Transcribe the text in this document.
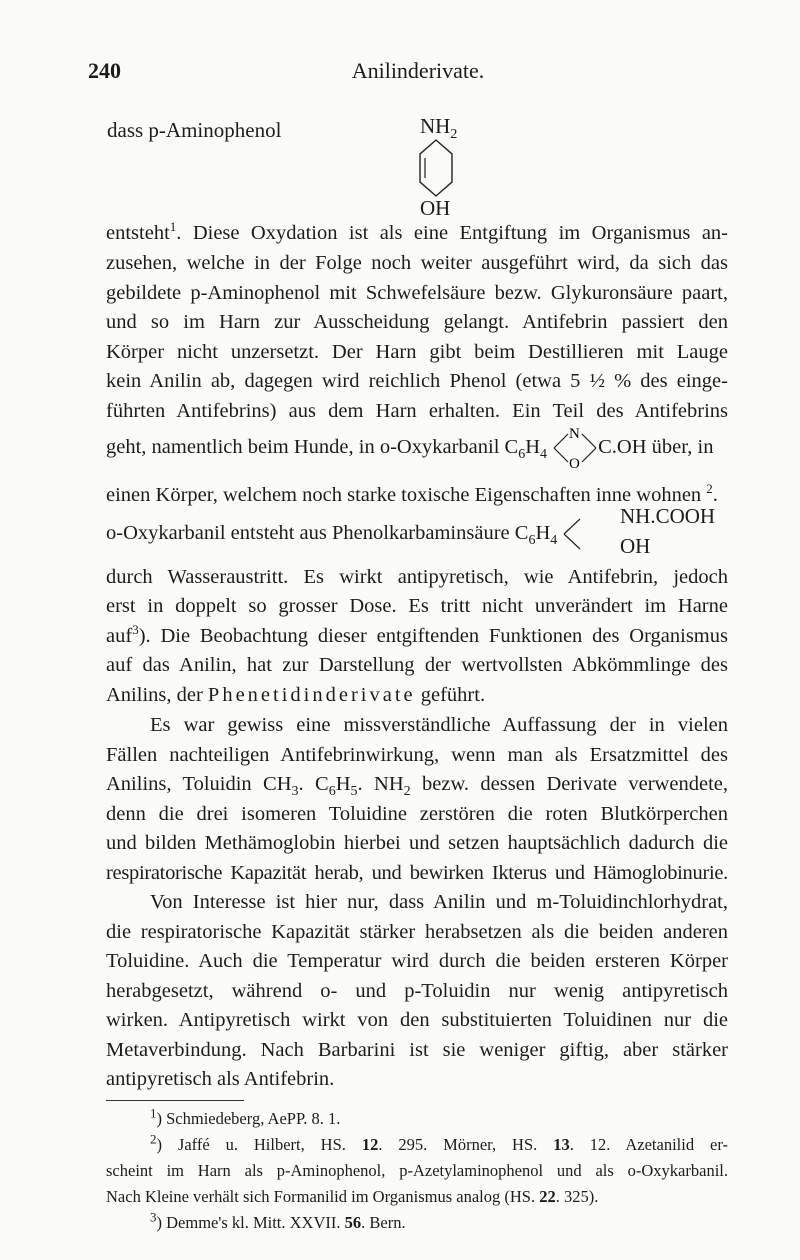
240	Anilinderivate.
dass p-Aminophenol	$NH_2$
OH
entsteht$^1$. Diese Oxydation ist als eine Entgiftung im Organismus an-
zusehen, welche in der Folge noch weiter ausgeführt wird, da sich das
gebildete p-Aminophenol mit Schwefelsäure bezw. Glykuronsäure paart,
und so im Harn zur Ausscheidung gelangt. Antifebrin passiert den
Körper nicht unzersetzt. Der Harn gibt beim Destillieren mit Lauge
kein Anilin ab, dagegen wird reichlich Phenol (etwa 5 ½ % des einge-
führten Antifebrins) aus dem Harn erhalten. Ein Teil des Antifebrins
geht, namentlich beim Hunde, in o-Oxykarbanil $C_6H_4$
N
O
C.OH über, in
einen Körper, welchem noch starke toxische Eigenschaften inne wohnen $^2$.
o-Oxykarbanil entsteht aus Phenolkarbaminsäure $C_6H_4$
NH.COOH
OH
durch Wasseraustritt. Es wirkt antipyretisch, wie Antifebrin, jedoch
erst in doppelt so grosser Dose. Es tritt nicht unverändert im Harne
auf$^3$). Die Beobachtung dieser entgiftenden Funktionen des Organismus
auf das Anilin, hat zur Darstellung der wertvollsten Abkömmlinge des
Anilins, der Phenetidinderivate geführt.
Es war gewiss eine missverständliche Auffassung der in vielen
Fällen nachteiligen Antifebrinwirkung, wenn man als Ersatzmittel des
Anilins, Toluidin $CH_3$. $C_6H_5$. $NH_2$ bezw. dessen Derivate verwendete,
denn die drei isomeren Toluidine zerstören die roten Blutkörperchen
und bilden Methämoglobin hierbei und setzen hauptsächlich dadurch die
respiratorische Kapazität herab, und bewirken Ikterus und Hämoglobinurie.
Von Interesse ist hier nur, dass Anilin und m-Toluidinchlorhydrat,
die respiratorische Kapazität stärker herabsetzen als die beiden anderen
Toluidine. Auch die Temperatur wird durch die beiden ersteren Körper
herabgesetzt, während o- und p-Toluidin nur wenig antipyretisch
wirken. Antipyretisch wirkt von den substituierten Toluidinen nur die
Metaverbindung. Nach Barbarini ist sie weniger giftig, aber stärker
antipyretisch als Antifebrin.

$^1$) Schmiedeberg, AePP. 8. 1.

$^2$) Jaffé u. Hilbert, HS. 12. 295. Mörner, HS. 13. 12. Azetanilid er-

scheint im Harn als p-Aminophenol, p-Azetylaminophenol und als o-Oxykarbanil.

Nach Kleine verhält sich Formanilid im Organismus analog (HS. 22. 325).

$^3$) Demme's kl. Mitt. XXVII. 56. Bern.
